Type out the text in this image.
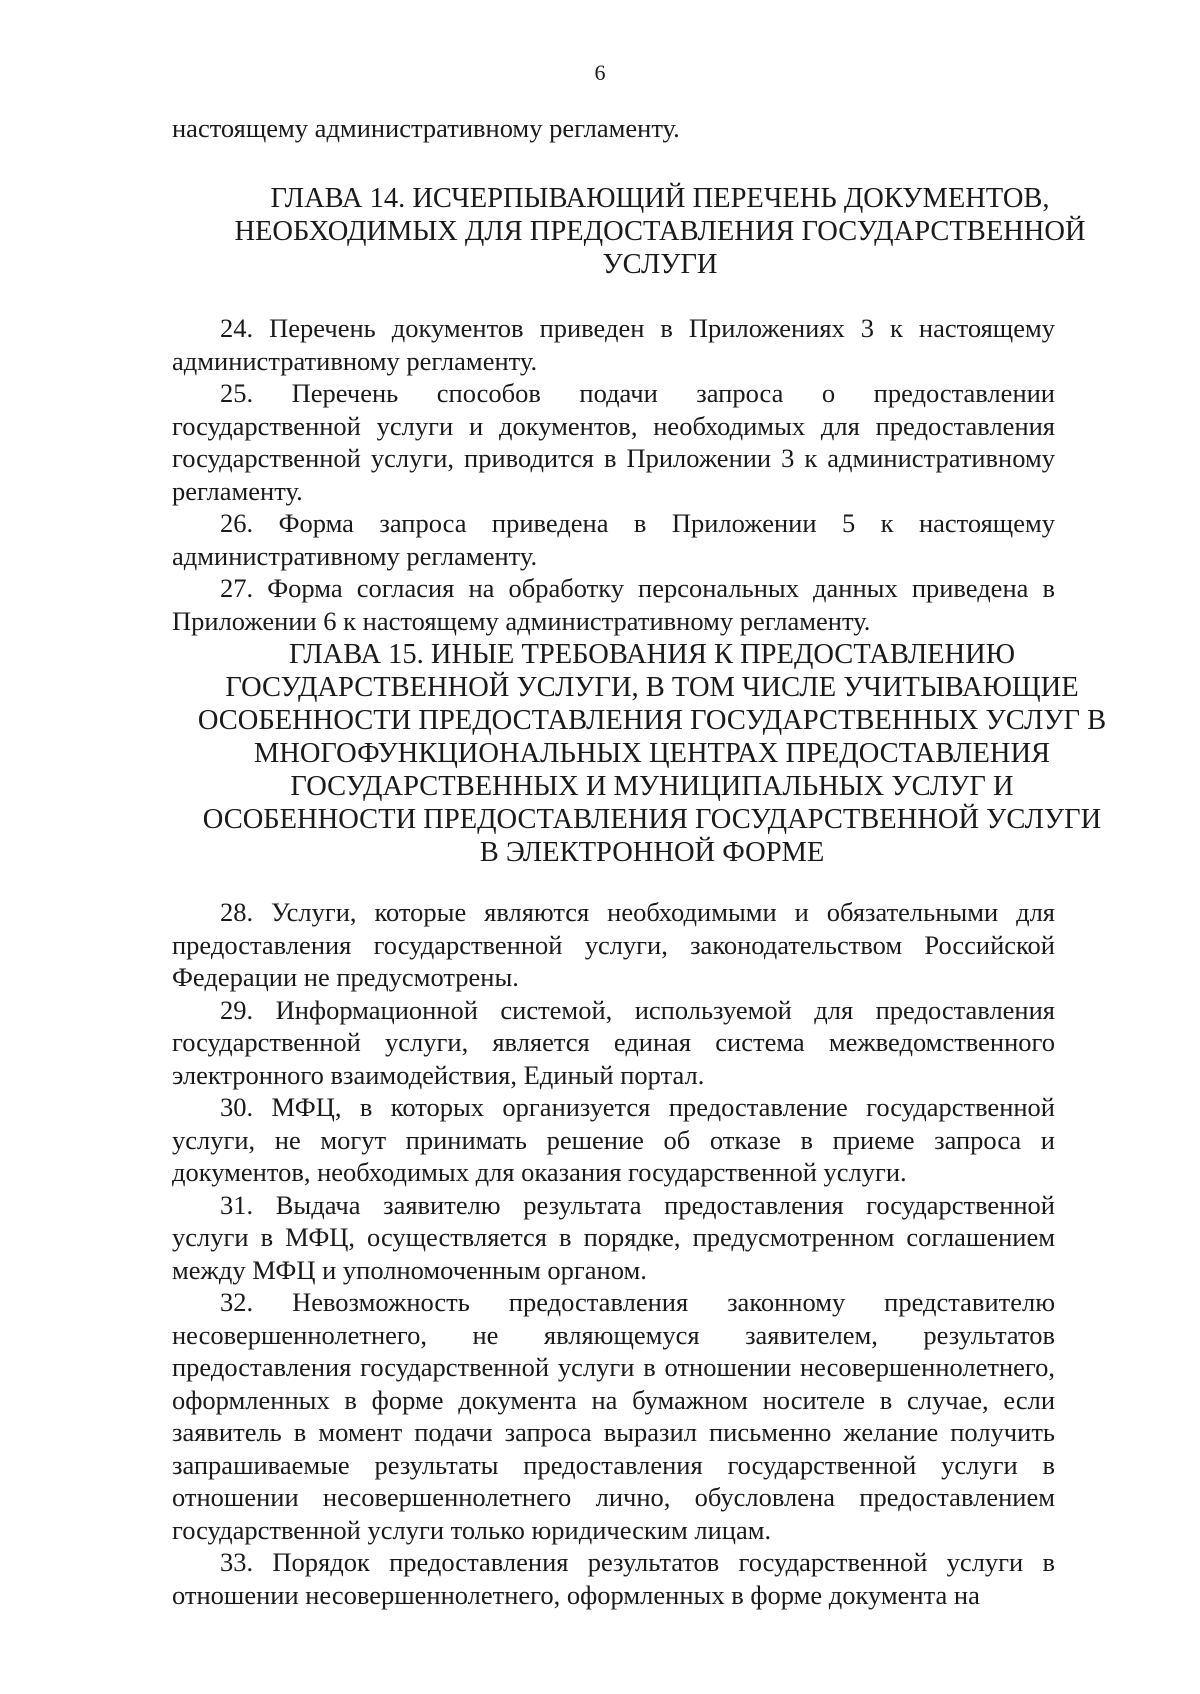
6
настоящему административному регламенту.
ГЛАВА 14. ИСЧЕРПЫВАЮЩИЙ ПЕРЕЧЕНЬ ДОКУМЕНТОВ, НЕОБХОДИМЫХ ДЛЯ ПРЕДОСТАВЛЕНИЯ ГОСУДАРСТВЕННОЙ УСЛУГИ

24. Перечень документов приведен в Приложениях 3 к настоящему административному регламенту.

25. Перечень способов подачи запроса о предоставлении государственной услуги и документов, необходимых для предоставления государственной услуги, приводится в Приложении 3 к административному регламенту.

26. Форма запроса приведена в Приложении 5 к настоящему административному регламенту.

27. Форма согласия на обработку персональных данных приведена в Приложении 6 к настоящему административному регламенту.

ГЛАВА 15. ИНЫЕ ТРЕБОВАНИЯ К ПРЕДОСТАВЛЕНИЮ ГОСУДАРСТВЕННОЙ УСЛУГИ, В ТОМ ЧИСЛЕ УЧИТЫВАЮЩИЕ ОСОБЕННОСТИ ПРЕДОСТАВЛЕНИЯ ГОСУДАРСТВЕННЫХ УСЛУГ В МНОГОФУНКЦИОНАЛЬНЫХ ЦЕНТРАХ ПРЕДОСТАВЛЕНИЯ ГОСУДАРСТВЕННЫХ И МУНИЦИПАЛЬНЫХ УСЛУГ И ОСОБЕННОСТИ ПРЕДОСТАВЛЕНИЯ ГОСУДАРСТВЕННОЙ УСЛУГИ В ЭЛЕКТРОННОЙ ФОРМЕ

28. Услуги, которые являются необходимыми и обязательными для предоставления государственной услуги, законодательством Российской Федерации не предусмотрены.

29. Информационной системой, используемой для предоставления государственной услуги, является единая система межведомственного электронного взаимодействия, Единый портал.

30. МФЦ, в которых организуется предоставление государственной услуги, не могут принимать решение об отказе в приеме запроса и документов, необходимых для оказания государственной услуги.

31. Выдача заявителю результата предоставления государственной услуги в МФЦ, осуществляется в порядке, предусмотренном соглашением между МФЦ и уполномоченным органом.

32. Невозможность предоставления законному представителю несовершеннолетнего, не являющемуся заявителем, результатов предоставления государственной услуги в отношении несовершеннолетнего, оформленных в форме документа на бумажном носителе в случае, если заявитель в момент подачи запроса выразил письменно желание получить запрашиваемые результаты предоставления государственной услуги в отношении несовершеннолетнего лично, обусловлена предоставлением государственной услуги только юридическим лицам.

33. Порядок предоставления результатов государственной услуги в отношении несовершеннолетнего, оформленных в форме документа на
